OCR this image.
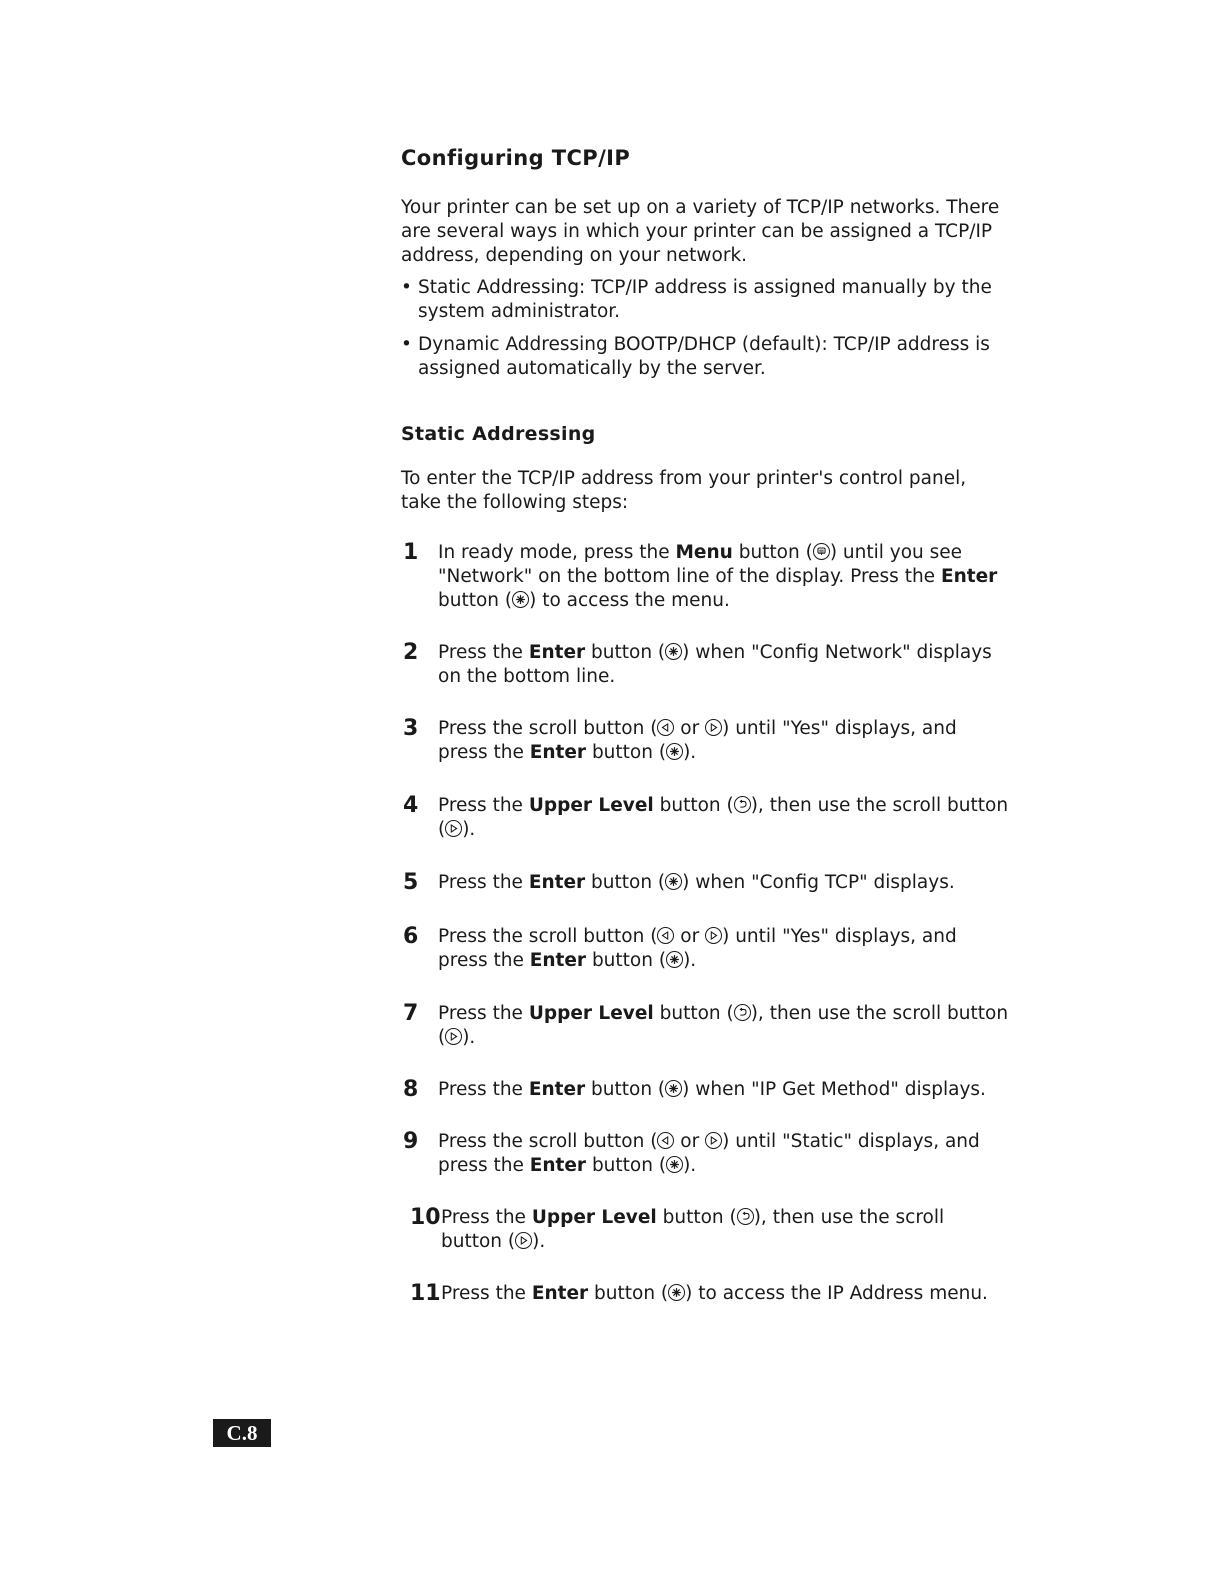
Configuring TCP/IP

Your printer can be set up on a variety of TCP/IP networks. There are several ways in which your printer can be assigned a TCP/IP address, depending on your network.

• Static Addressing: TCP/IP address is assigned manually by the system administrator.
• Dynamic Addressing BOOTP/DHCP (default): TCP/IP address is assigned automatically by the server.
Static Addressing

To enter the TCP/IP address from your printer's control panel, take the following steps:

1 In ready mode, press the Menu button ( ) until you see "Network" on the bottom line of the display. Press the Enter button ( ) to access the menu.
2 Press the Enter button ( ) when "Config Network" displays on the bottom line.
3 Press the scroll button (
or
) until "Yes" displays, and press the Enter button ( ).
4 Press the Upper Level button ( ), then use the scroll button ( ).
5 Press the Enter button ( ) when "Config TCP" displays.
6 Press the scroll button (
or
) until "Yes" displays, and press the Enter button ( ).
7 Press the Upper Level button ( ), then use the scroll button ( ).
8 Press the Enter button ( ) when "IP Get Method" displays.
9 Press the scroll button (
or
) until "Static" displays, and press the Enter button ( ).
10 Press the Upper Level button ( ), then use the scroll button ( ).
11 Press the Enter button ( ) to access the IP Address menu.
C.8
